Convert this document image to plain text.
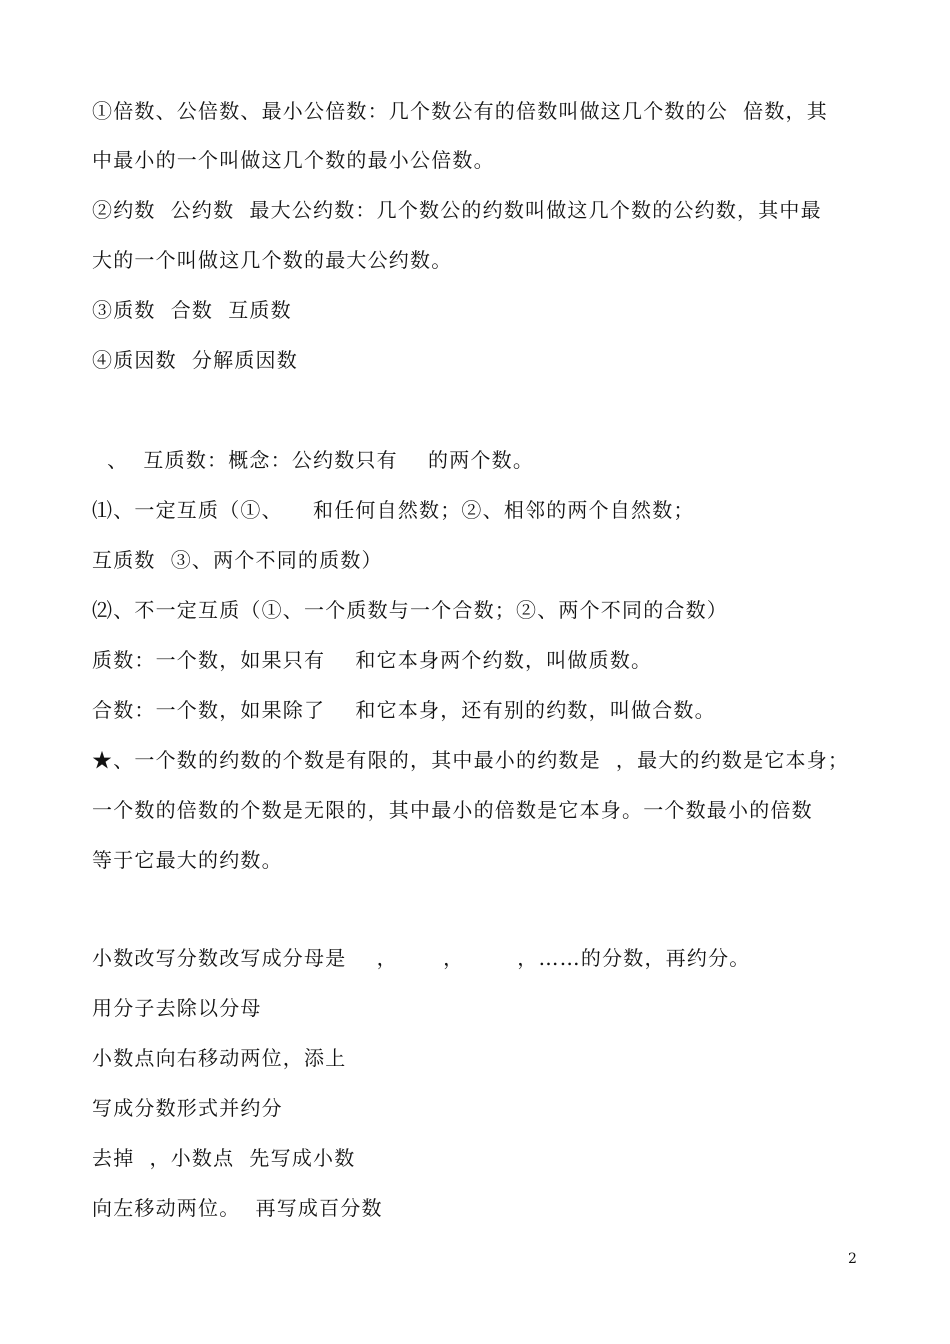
①倍数、公倍数、最小公倍数：几个数公有的倍数叫做这几个数的公  倍数，其
中最小的一个叫做这几个数的最小公倍数。
②约数  公约数  最大公约数：几个数公的约数叫做这几个数的公约数，其中最
大的一个叫做这几个数的最大公约数。
③质数  合数  互质数
④质因数  分解质因数
、  互质数：概念：公约数只有    的两个数。
⑴、一定互质（①、    和任何自然数；②、相邻的两个自然数；
互质数  ③、两个不同的质数）
⑵、不一定互质（①、一个质数与一个合数；②、两个不同的合数）
质数：一个数，如果只有    和它本身两个约数，叫做质数。
合数：一个数，如果除了    和它本身，还有别的约数，叫做合数。
★、一个数的约数的个数是有限的，其中最小的约数是  ，最大的约数是它本身；
一个数的倍数的个数是无限的，其中最小的倍数是它本身。一个数最小的倍数
等于它最大的约数。
小数改写分数改写成分母是    ，      ，       ，……的分数，再约分。
用分子去除以分母
小数点向右移动两位，添上
写成分数形式并约分
去掉  ，小数点  先写成小数
向左移动两位。  再写成百分数
2
